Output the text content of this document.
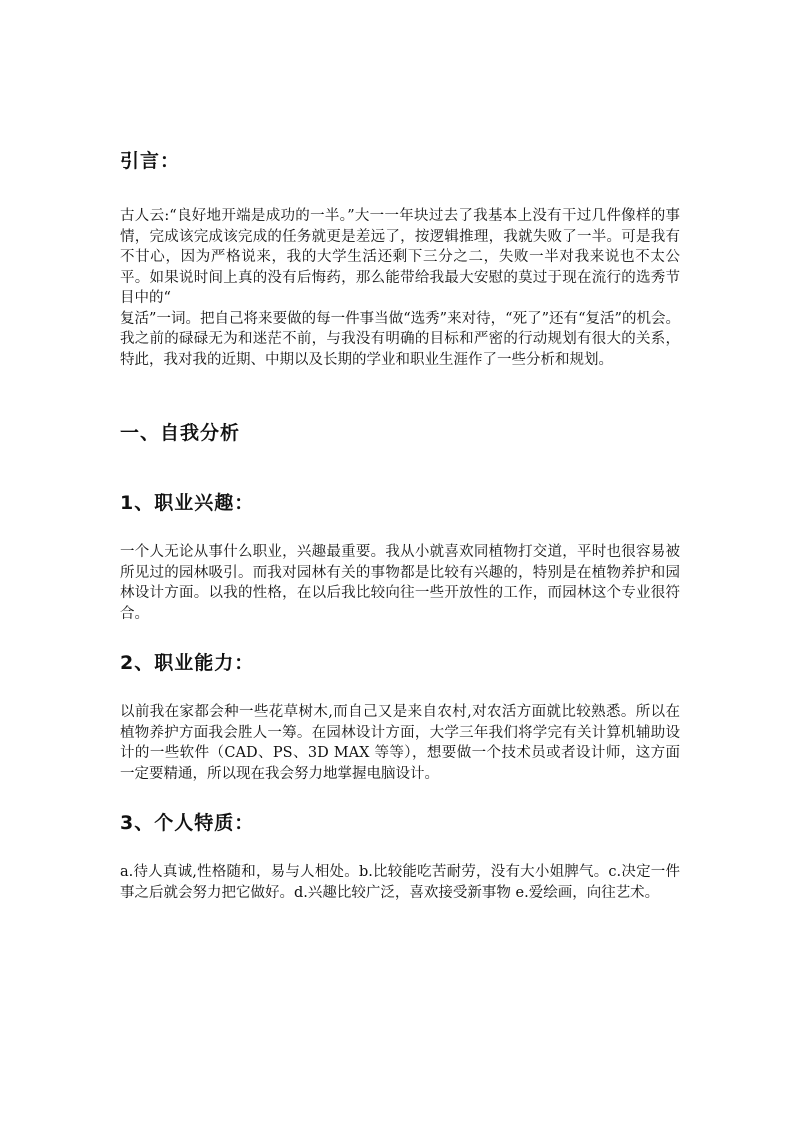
引言：

古人云:“良好地开端是成功的一半。”大一一年块过去了我基本上没有干过几件像样的事情，完成该完成该完成的任务就更是差远了，按逻辑推理，我就失败了一半。可是我有不甘心，因为严格说来，我的大学生活还剩下三分之二，失败一半对我来说也不太公平。如果说时间上真的没有后悔药，那么能带给我最大安慰的莫过于现在流行的选秀节目中的“

复活”一词。把自己将来要做的每一件事当做“选秀”来对待，“死了”还有“复活”的机会。我之前的碌碌无为和迷茫不前，与我没有明确的目标和严密的行动规划有很大的关系，特此，我对我的近期、中期以及长期的学业和职业生涯作了一些分析和规划。

一、自我分析
1、职业兴趣：

一个人无论从事什么职业，兴趣最重要。我从小就喜欢同植物打交道，平时也很容易被所见过的园林吸引。而我对园林有关的事物都是比较有兴趣的，特别是在植物养护和园林设计方面。以我的性格，在以后我比较向往一些开放性的工作，而园林这个专业很符合。

2、职业能力：

以前我在家都会种一些花草树木,而自己又是来自农村,对农活方面就比较熟悉。所以在植物养护方面我会胜人一筹。在园林设计方面，大学三年我们将学完有关计算机辅助设计的一些软件（CAD、PS、3D MAX 等等），想要做一个技术员或者设计师，这方面一定要精通，所以现在我会努力地掌握电脑设计。

3、个人特质：

a.待人真诚,性格随和，易与人相处。b.比较能吃苦耐劳，没有大小姐脾气。c.决定一件事之后就会努力把它做好。d.兴趣比较广泛，喜欢接受新事物 e.爱绘画，向往艺术。
